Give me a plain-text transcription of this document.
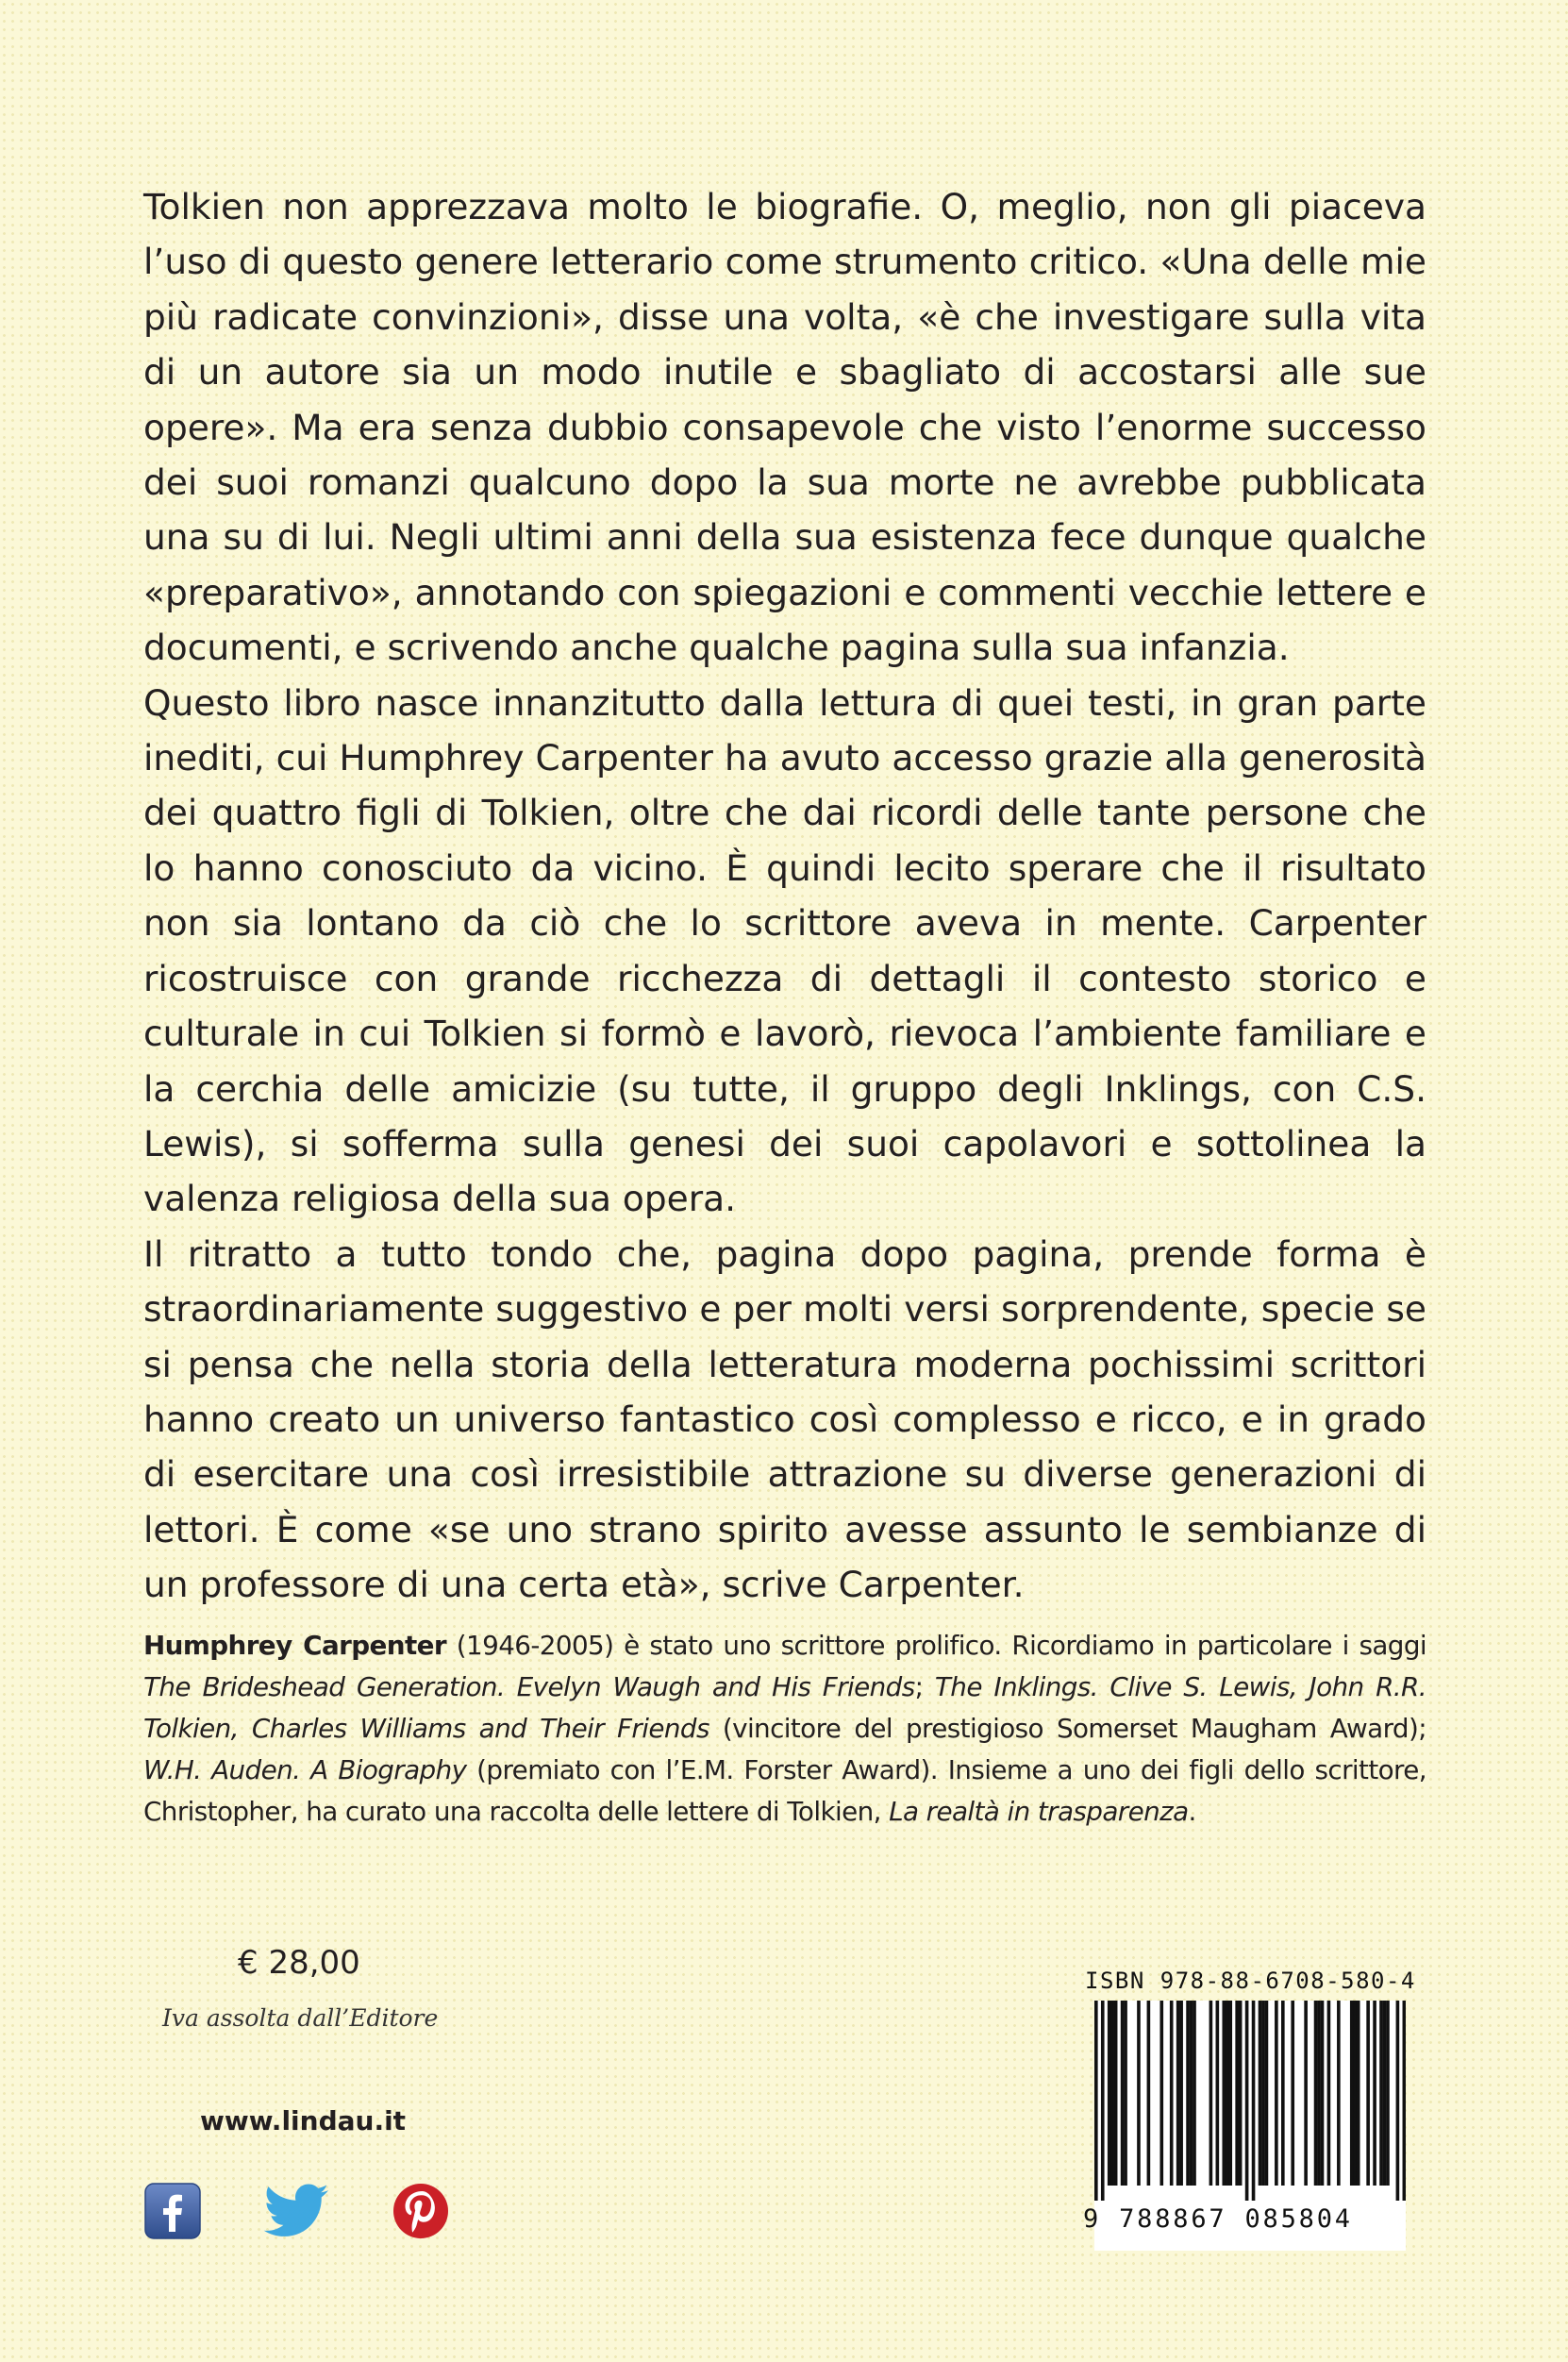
Tolkien non apprezzava molto le biografie. O, meglio, non gli piaceva l’uso di questo genere letterario come strumento critico. «Una delle mie più radicate convinzioni», disse una volta, «è che investigare sulla vita di un autore sia un modo inutile e sbagliato di accostarsi alle sue opere». Ma era senza dubbio consapevole che visto l’enorme successo dei suoi romanzi qualcuno dopo la sua morte ne avrebbe pubblicata una su di lui. Negli ultimi anni della sua esistenza fece dunque qualche «preparativo», annotando con spiegazioni e commenti vecchie lettere e documenti, e scrivendo anche qualche pagina sulla sua infanzia.

Questo libro nasce innanzitutto dalla lettura di quei testi, in gran parte inediti, cui Humphrey Carpenter ha avuto accesso grazie alla generosità dei quattro figli di Tolkien, oltre che dai ricordi delle tante persone che lo hanno conosciuto da vicino. È quindi lecito sperare che il risultato non sia lontano da ciò che lo scrittore aveva in mente. Carpenter ricostruisce con grande ricchezza di dettagli il contesto storico e culturale in cui Tolkien si formò e lavorò, rievoca l’ambiente familiare e la cerchia delle amicizie (su tutte, il gruppo degli Inklings, con C.S. Lewis), si sofferma sulla genesi dei suoi capolavori e sottolinea la valenza religiosa della sua opera.

Il ritratto a tutto tondo che, pagina dopo pagina, prende forma è straordinariamente suggestivo e per molti versi sorprendente, specie se si pensa che nella storia della letteratura moderna pochissimi scrittori hanno creato un universo fantastico così complesso e ricco, e in grado di esercitare una così irresistibile attrazione su diverse generazioni di lettori. È come «se uno strano spirito avesse assunto le sembianze di un professore di una certa età», scrive Carpenter.

Humphrey Carpenter (1946-2005) è stato uno scrittore prolifico. Ricordiamo in particolare i saggi The Brideshead Generation. Evelyn Waugh and His Friends; The Inklings. Clive S. Lewis, John R.R. Tolkien, Charles Williams and Their Friends (vincitore del prestigioso Somerset Maugham Award); W.H. Auden. A Biography (premiato con l’E.M. Forster Award). Insieme a uno dei figli dello scrittore, Christopher, ha curato una raccolta delle lettere di Tolkien, La realtà in trasparenza.
€ 28,00
Iva assolta dall’Editore
www.lindau.it
ISBN 978-88-6708-580-4
9 788867 085804
